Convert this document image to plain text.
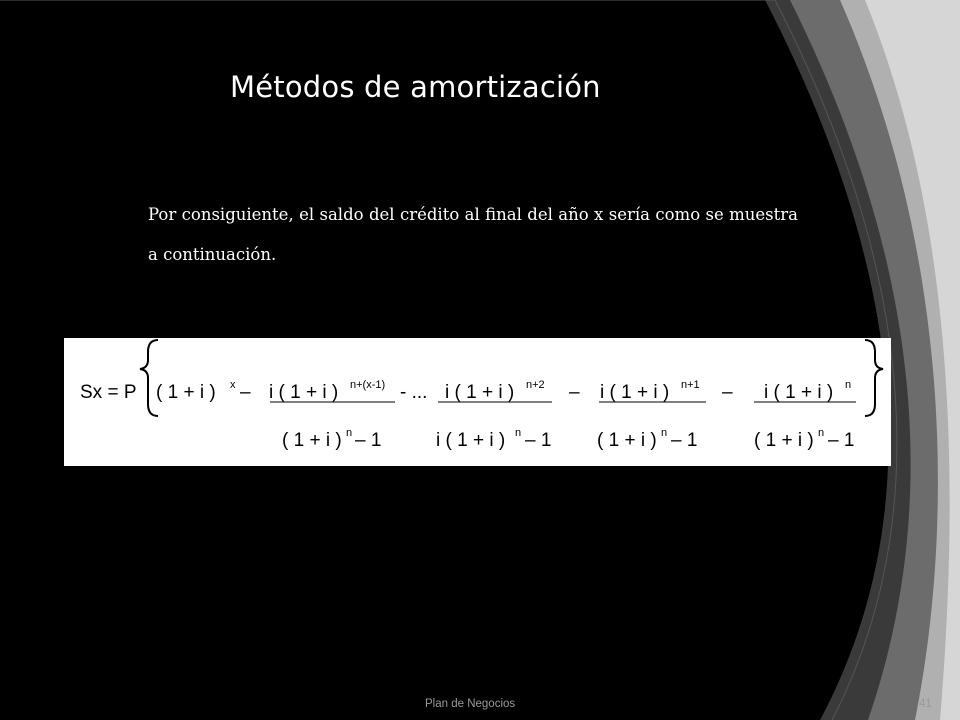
Métodos de amortización

Por consiguiente, el saldo del crédito al final del año x sería como se muestra a continuación.

Sx = P ( 1 + i ) x – i ( 1 + i ) n+(x-1) - ... i ( 1 + i ) n+2 – i ( 1 + i ) n+1 – i ( 1 + i ) n
( 1 + i ) n – 1	i ( 1 + i ) n – 1 ( 1 + i ) n – 1	( 1 + i ) n – 1
Plan de Negocios	41
